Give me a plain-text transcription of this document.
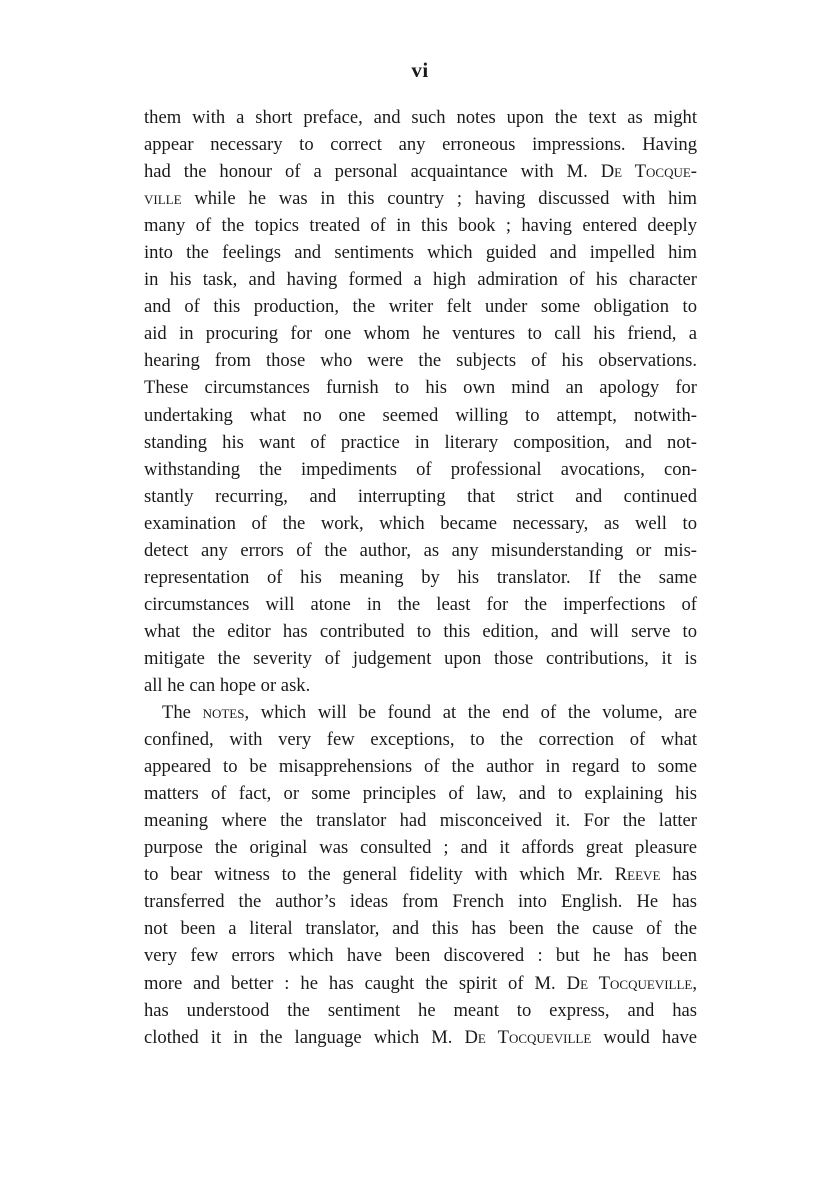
vi
them with a short preface, and such notes upon the text as might
appear necessary to correct any erroneous impressions. Having
had the honour of a personal acquaintance with M. De Tocque-
ville while he was in this country ; having discussed with him
many of the topics treated of in this book ; having entered deeply
into the feelings and sentiments which guided and impelled him
in his task, and having formed a high admiration of his character
and of this production, the writer felt under some obligation to
aid in procuring for one whom he ventures to call his friend, a
hearing from those who were the subjects of his observations.
These circumstances furnish to his own mind an apology for
undertaking what no one seemed willing to attempt, notwith-
standing his want of practice in literary composition, and not-
withstanding the impediments of professional avocations, con-
stantly recurring, and interrupting that strict and continued
examination of the work, which became necessary, as well to
detect any errors of the author, as any misunderstanding or mis-
representation of his meaning by his translator. If the same
circumstances will atone in the least for the imperfections of
what the editor has contributed to this edition, and will serve to
mitigate the severity of judgement upon those contributions, it is
all he can hope or ask.
The notes, which will be found at the end of the volume, are
confined, with very few exceptions, to the correction of what
appeared to be misapprehensions of the author in regard to some
matters of fact, or some principles of law, and to explaining his
meaning where the translator had misconceived it. For the latter
purpose the original was consulted ; and it affords great pleasure
to bear witness to the general fidelity with which Mr. Reeve has
transferred the author’s ideas from French into English. He has
not been a literal translator, and this has been the cause of the
very few errors which have been discovered : but he has been
more and better : he has caught the spirit of M. De Tocqueville,
has understood the sentiment he meant to express, and has
clothed it in the language which M. De Tocqueville would have
